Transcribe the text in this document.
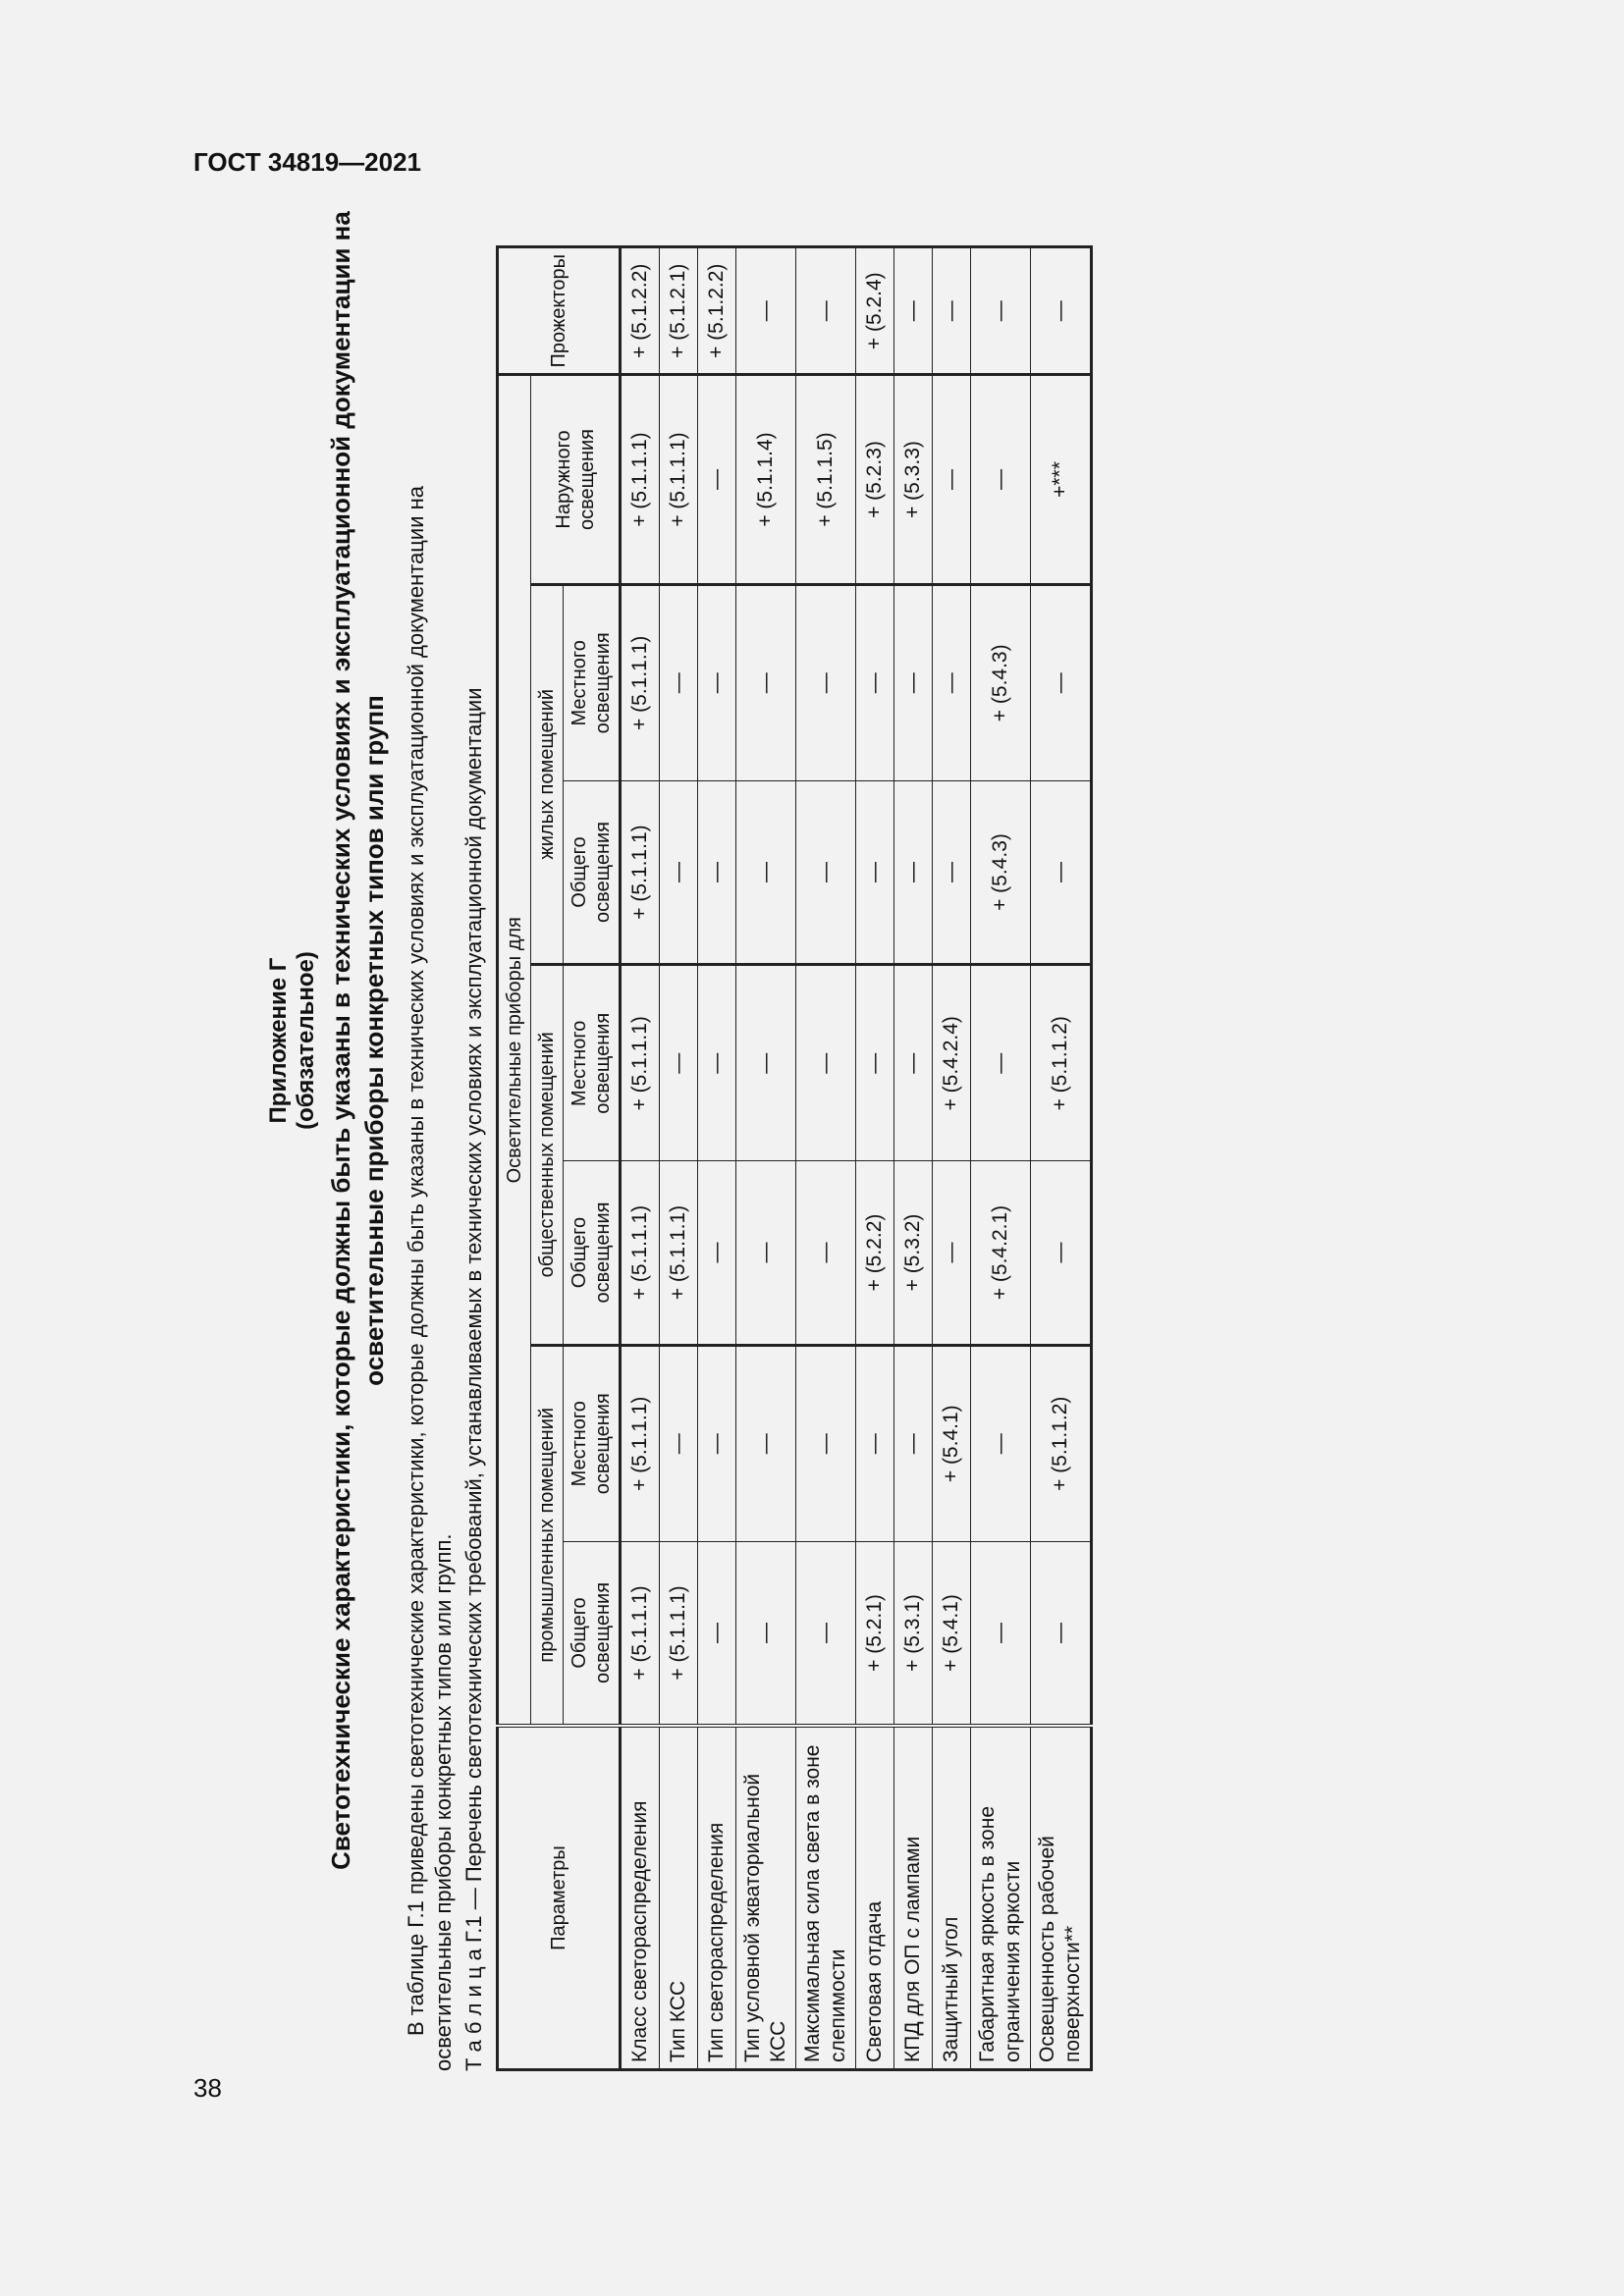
ГОСТ 34819—2021
38
Приложение Г (обязательное) Светотехнические характеристики, которые должны быть указаны в технических условиях и эксплуатационной документации на осветительные приборы конкретных типов или групп В таблице Г.1 приведены светотехнические характеристики, которые должны быть указаны в технических условиях и эксплуатационной документации на осветительные приборы конкретных типов или групп. Т а б л и ц а Г.1 — Перечень светотехнических требований, устанавливаемых в технических условиях и эксплуатационной документации	Параметры	Осветительные приборы для							Прожекторы
	промышленных помещений		общественных помещений		жилых помещений		Наружного освещения	
	Общего освещения	Местного освещения	Общего освещения	Местного освещения	Общего освещения	Местного освещения		
Класс светораспределения	+ (5.1.1.1)	+ (5.1.1.1)	+ (5.1.1.1)	+ (5.1.1.1)	+ (5.1.1.1)	+ (5.1.1.1)	+ (5.1.1.1)	+ (5.1.2.2)
Тип КСС	+ (5.1.1.1)	—	+ (5.1.1.1)	—	—	—	+ (5.1.1.1)	+ (5.1.2.1)
Тип светораспределения	—	—	—	—	—	—	—	+ (5.1.2.2)
Тип условной экваториальной КСС	—	—	—	—	—	—	+ (5.1.1.4)	—
Максимальная сила света в зоне слепимости	—	—	—	—	—	—	+ (5.1.1.5)	—
Световая отдача	+ (5.2.1)	—	+ (5.2.2)	—	—	—	+ (5.2.3)	+ (5.2.4)
КПД для ОП с лампами	+ (5.3.1)	—	+ (5.3.2)	—	—	—	+ (5.3.3)	—
Защитный угол	+ (5.4.1)	+ (5.4.1)	—	+ (5.4.2.4)	—	—	—	—
Габаритная яркость в зоне ограничения яркости	—	—	+ (5.4.2.1)	—	+ (5.4.3)	+ (5.4.3)	—	—
Освещенность рабочей поверхности**	—	+ (5.1.1.2)	—	+ (5.1.1.2)	—	—	+***	—
